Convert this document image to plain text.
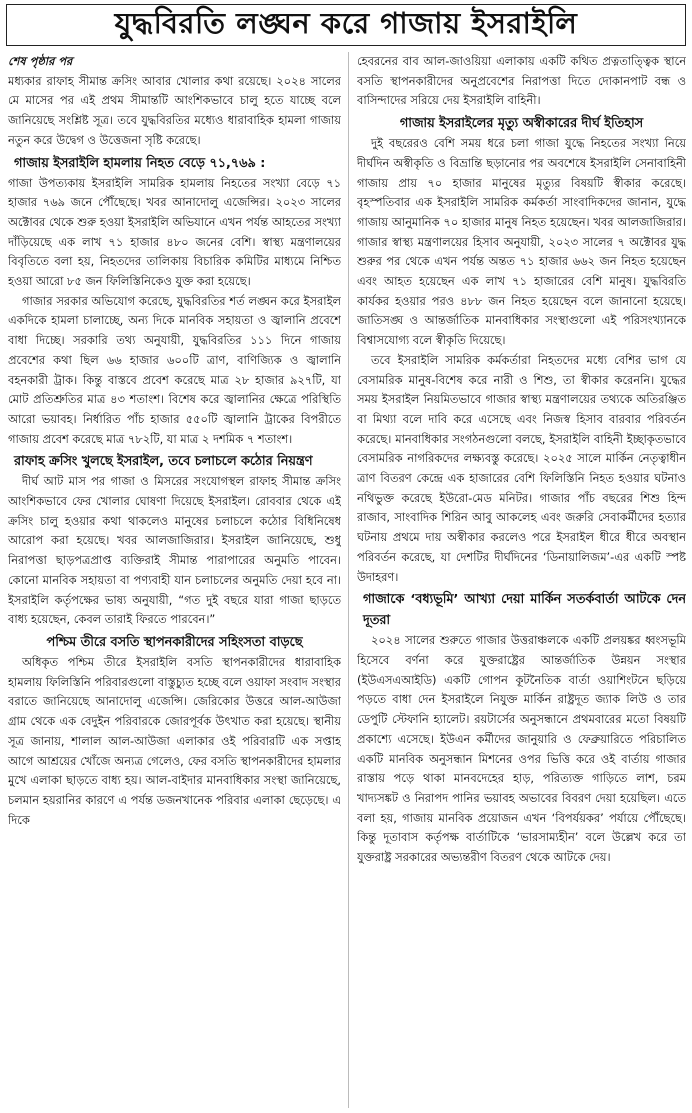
যুদ্ধবিরতি লঙ্ঘন করে গাজায় ইসরাইলি

শেষ পৃষ্ঠার পর

মধ্যকার রাফাহ সীমান্ত ক্রসিং আবার খোলার কথা রয়েছে। ২০২৪ সালের মে মাসের পর এই প্রথম সীমান্তটি আংশিকভাবে চালু হতে যাচ্ছে বলে জানিয়েছে সংশ্লিষ্ট সূত্র। তবে যুদ্ধবিরতির মধ্যেও ধারাবাহিক হামলা গাজায় নতুন করে উদ্বেগ ও উত্তেজনা সৃষ্টি করেছে।

গাজায় ইসরাইলি হামলায় নিহত বেড়ে ৭১,৭৬৯ :

গাজা উপত্যকায় ইসরাইলি সামরিক হামলায় নিহতের সংখ্যা বেড়ে ৭১ হাজার ৭৬৯ জনে পৌঁছেছে। খবর আনাদোলু এজেন্সির। ২০২৩ সালের অক্টোবর থেকে শুরু হওয়া ইসরাইলি অভিযানে এখন পর্যন্ত আহতের সংখ্যা দাঁড়িয়েছে এক লাখ ৭১ হাজার ৪৮০ জনের বেশি। স্বাস্থ্য মন্ত্রণালয়ের বিবৃতিতে বলা হয়, নিহতদের তালিকায় বিচারিক কমিটির মাধ্যমে নিশ্চিত হওয়া আরো ৮৫ জন ফিলিস্তিনিকেও যুক্ত করা হয়েছে।

গাজার সরকার অভিযোগ করেছে, যুদ্ধবিরতির শর্ত লঙ্ঘন করে ইসরাইল একদিকে হামলা চালাচ্ছে, অন্য দিকে মানবিক সহায়তা ও জ্বালানি প্রবেশে বাধা দিচ্ছে। সরকারি তথ্য অনুযায়ী, যুদ্ধবিরতির ১১১ দিনে গাজায় প্রবেশের কথা ছিল ৬৬ হাজার ৬০০টি ত্রাণ, বাণিজ্যিক ও জ্বালানি বহনকারী ট্রাক। কিন্তু বাস্তবে প্রবেশ করেছে মাত্র ২৮ হাজার ৯২৭টি, যা মোট প্রতিশ্রুতির মাত্র ৪৩ শতাংশ। বিশেষ করে জ্বালানির ক্ষেত্রে পরিস্থিতি আরো ভয়াবহ। নির্ধারিত পাঁচ হাজার ৫৫০টি জ্বালানি ট্রাকের বিপরীতে গাজায় প্রবেশ করেছে মাত্র ৭৮২টি, যা মাত্র ২ দশমিক ৭ শতাংশ।

রাফাহ ক্রসিং খুলছে ইসরাইল, তবে চলাচলে কঠোর নিয়ন্ত্রণ

দীর্ঘ আট মাস পর গাজা ও মিসরের সংযোগস্থল রাফাহ সীমান্ত ক্রসিং আংশিকভাবে ফের খোলার ঘোষণা দিয়েছে ইসরাইল। রোববার থেকে এই ক্রসিং চালু হওয়ার কথা থাকলেও মানুষের চলাচলে কঠোর বিধিনিষেধ আরোপ করা হয়েছে। খবর আলজাজিরার। ইসরাইল জানিয়েছে, শুধু নিরাপত্তা ছাড়পত্রপ্রাপ্ত ব্যক্তিরাই সীমান্ত পারাপারের অনুমতি পাবেন। কোনো মানবিক সহায়তা বা পণ্যবাহী যান চলাচলের অনুমতি দেয়া হবে না। ইসরাইলি কর্তৃপক্ষের ভাষ্য অনুযায়ী, “গত দুই বছরে যারা গাজা ছাড়তে বাধ্য হয়েছেন, কেবল তারাই ফিরতে পারবেন।”

পশ্চিম তীরে বসতি স্থাপনকারীদের সহিংসতা বাড়ছে

অধিকৃত পশ্চিম তীরে ইসরাইলি বসতি স্থাপনকারীদের ধারাবাহিক হামলায় ফিলিস্তিনি পরিবারগুলো বাস্তুচ্যুত হচ্ছে বলে ওয়াফা সংবাদ সংস্থার বরাতে জানিয়েছে আনাদোলু এজেন্সি। জেরিকোর উত্তরে আল-আউজা গ্রাম থেকে এক বেদুইন পরিবারকে জোরপূর্বক উৎখাত করা হয়েছে। স্থানীয় সূত্র জানায়, শালাল আল-আউজা এলাকার ওই পরিবারটি এক সপ্তাহ আগে আশ্রয়ের খোঁজে অন্যত্র গেলেও, ফের বসতি স্থাপনকারীদের হামলার মুখে এলাকা ছাড়তে বাধ্য হয়। আল-বাইদার মানবাধিকার সংস্থা জানিয়েছে, চলমান হয়রানির কারণে এ পর্যন্ত ডজনখানেক পরিবার এলাকা ছেড়েছে। এ দিকে

হেবরনের বাব আল-জাওয়িয়া এলাকায় একটি কথিত প্রত্নতাত্ত্বিক স্থানে বসতি স্থাপনকারীদের অনুপ্রবেশের নিরাপত্তা দিতে দোকানপাট বন্ধ ও বাসিন্দাদের সরিয়ে দেয় ইসরাইলি বাহিনী।

গাজায় ইসরাইলের মৃত্যু অস্বীকারের দীর্ঘ ইতিহাস

দুই বছরেরও বেশি সময় ধরে চলা গাজা যুদ্ধে নিহতের সংখ্যা নিয়ে দীর্ঘদিন অস্বীকৃতি ও বিভ্রান্তি ছড়ানোর পর অবশেষে ইসরাইলি সেনাবাহিনী গাজায় প্রায় ৭০ হাজার মানুষের মৃত্যুর বিষয়টি স্বীকার করেছে। বৃহস্পতিবার এক ইসরাইলি সামরিক কর্মকর্তা সাংবাদিকদের জানান, যুদ্ধে গাজায় আনুমানিক ৭০ হাজার মানুষ নিহত হয়েছেন। খবর আলজাজিরার। গাজার স্বাস্থ্য মন্ত্রণালয়ের হিসাব অনুযায়ী, ২০২৩ সালের ৭ অক্টোবর যুদ্ধ শুরুর পর থেকে এখন পর্যন্ত অন্তত ৭১ হাজার ৬৬২ জন নিহত হয়েছেন এবং আহত হয়েছেন এক লাখ ৭১ হাজারের বেশি মানুষ। যুদ্ধবিরতি কার্যকর হওয়ার পরও ৪৮৮ জন নিহত হয়েছেন বলে জানানো হয়েছে। জাতিসঙ্ঘ ও আন্তর্জাতিক মানবাধিকার সংস্থাগুলো এই পরিসংখ্যানকে বিশ্বাসযোগ্য বলে স্বীকৃতি দিয়েছে।

তবে ইসরাইলি সামরিক কর্মকর্তারা নিহতদের মধ্যে বেশির ভাগ যে বেসামরিক মানুষ-বিশেষ করে নারী ও শিশু, তা স্বীকার করেননি। যুদ্ধের সময় ইসরাইল নিয়মিতভাবে গাজার স্বাস্থ্য মন্ত্রণালয়ের তথ্যকে অতিরঞ্জিত বা মিথ্যা বলে দাবি করে এসেছে এবং নিজস্ব হিসাব বারবার পরিবর্তন করেছে। মানবাধিকার সংগঠনগুলো বলছে, ইসরাইলি বাহিনী ইচ্ছাকৃতভাবে বেসামরিক নাগরিকদের লক্ষ্যবস্তু করেছে। ২০২৫ সালে মার্কিন নেতৃত্বাধীন ত্রাণ বিতরণ কেন্দ্রে এক হাজারের বেশি ফিলিস্তিনি নিহত হওয়ার ঘটনাও নথিভুক্ত করেছে ইউরো-মেড মনিটর। গাজার পাঁচ বছরের শিশু হিন্দ রাজাব, সাংবাদিক শিরিন আবু আকলেহ এবং জরুরি সেবাকর্মীদের হত্যার ঘটনায় প্রথমে দায় অস্বীকার করলেও পরে ইসরাইল ধীরে ধীরে অবস্থান পরিবর্তন করেছে, যা দেশটির দীর্ঘদিনের ‘ডিনায়ালিজম’-এর একটি স্পষ্ট উদাহরণ।

গাজাকে ‘বধ্যভূমি’ আখ্যা দেয়া মার্কিন সতর্কবার্তা আটকে দেন দূতরা

২০২৪ সালের শুরুতে গাজার উত্তরাঞ্চলকে একটি প্রলয়ঙ্কর ধ্বংসভূমি হিসেবে বর্ণনা করে যুক্তরাষ্ট্রের আন্তর্জাতিক উন্নয়ন সংস্থার (ইউএসএআইডি) একটি গোপন কূটনৈতিক বার্তা ওয়াশিংটনে ছড়িয়ে পড়তে বাধা দেন ইসরাইলে নিযুক্ত মার্কিন রাষ্ট্রদূত জ্যাক লিউ ও তার ডেপুটি স্টেফানি হ্যালেট। রয়টার্সের অনুসন্ধানে প্রথমবারের মতো বিষয়টি প্রকাশ্যে এসেছে। ইউএন কর্মীদের জানুয়ারি ও ফেব্রুয়ারিতে পরিচালিত একটি মানবিক অনুসন্ধান মিশনের ওপর ভিত্তি করে ওই বার্তায় গাজার রাস্তায় পড়ে থাকা মানবদেহের হাড়, পরিত্যক্ত গাড়িতে লাশ, চরম খাদ্যসঙ্কট ও নিরাপদ পানির ভয়াবহ অভাবের বিবরণ দেয়া হয়েছিল। এতে বলা হয়, গাজায় মানবিক প্রয়োজন এখন ‘বিপর্যয়কর’ পর্যায়ে পৌঁছেছে। কিন্তু দূতাবাস কর্তৃপক্ষ বার্তাটিকে ‘ভারসাম্যহীন’ বলে উল্লেখ করে তা যুক্তরাষ্ট্র সরকারের অভ্যন্তরীণ বিতরণ থেকে আটকে দেয়।
